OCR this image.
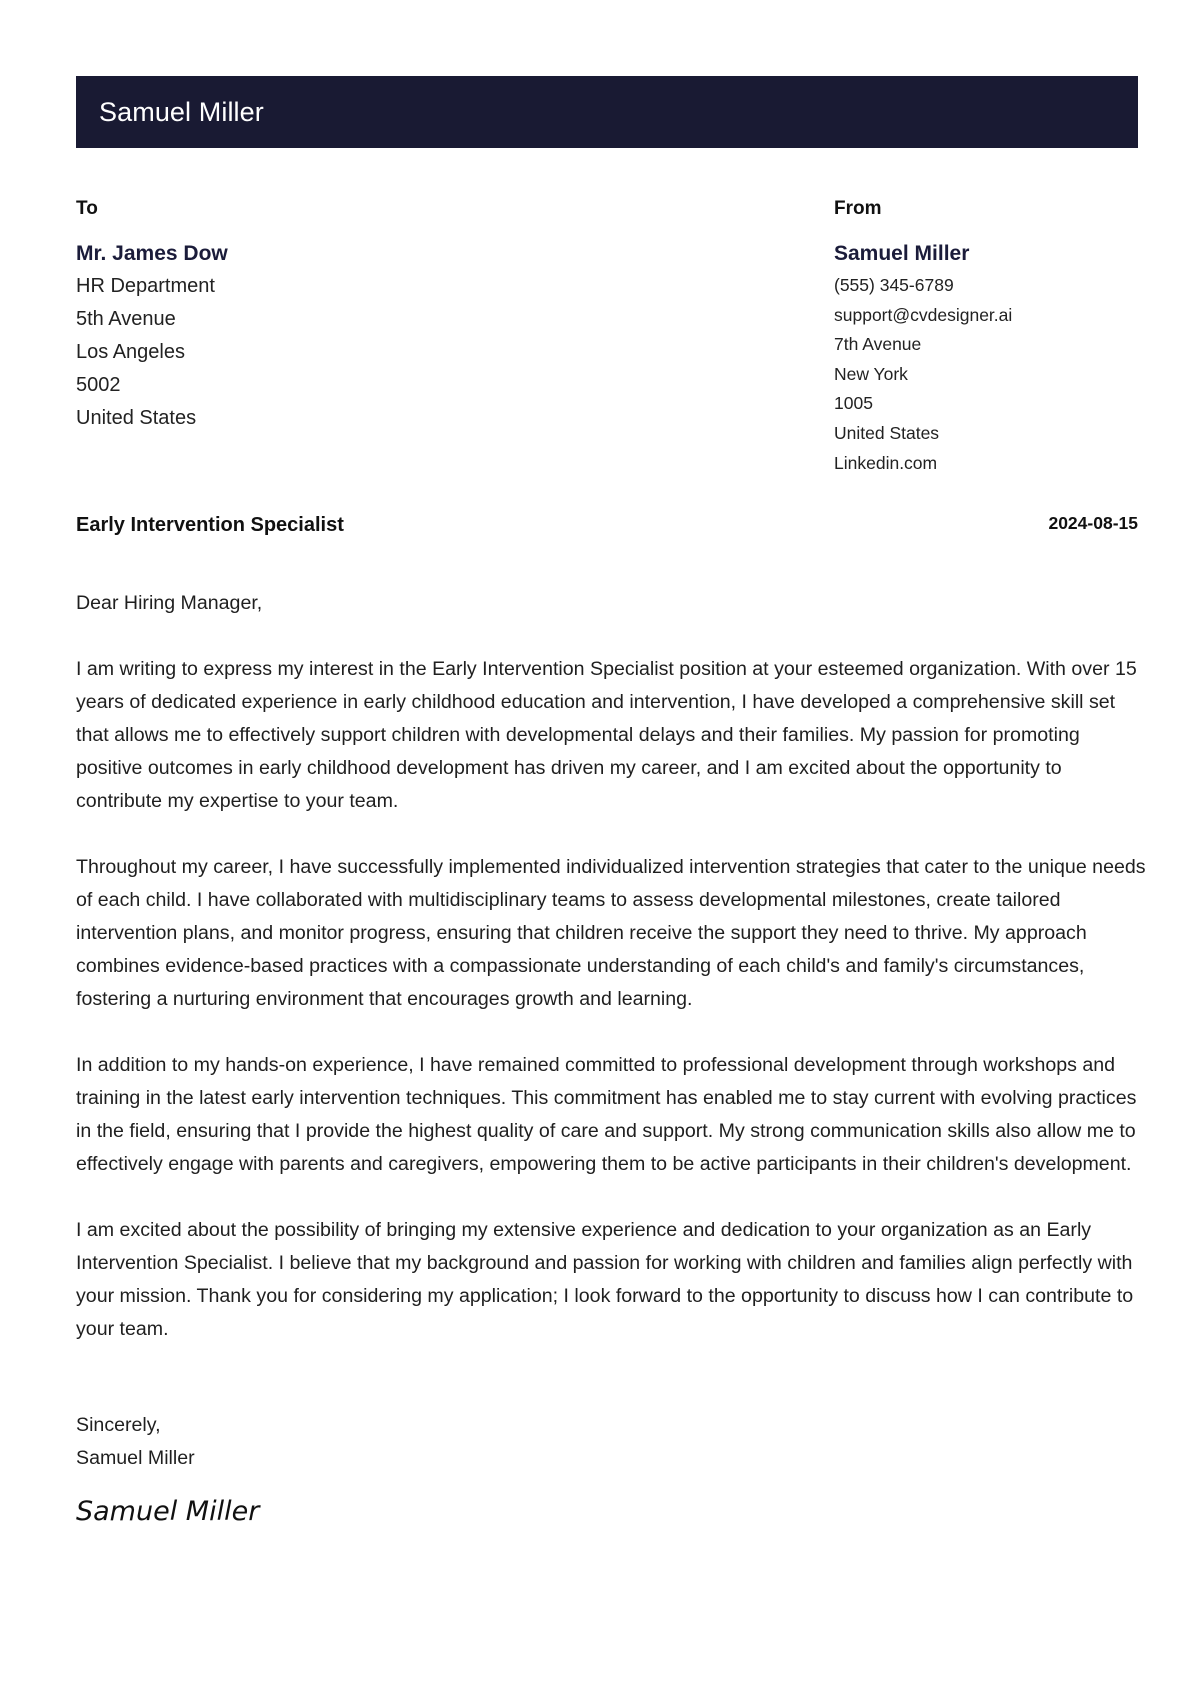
Samuel Miller
To
Mr. James Dow
HR Department
5th Avenue
Los Angeles
5002
United States
From
Samuel Miller
(555) 345-6789
support@cvdesigner.ai
7th Avenue
New York
1005
United States
Linkedin.com
Early Intervention Specialist	2024-08-15

Dear Hiring Manager,

I am writing to express my interest in the Early Intervention Specialist position at your esteemed organization. With over 15 years of dedicated experience in early childhood education and intervention, I have developed a comprehensive skill set that allows me to effectively support children with developmental delays and their families. My passion for promoting positive outcomes in early childhood development has driven my career, and I am excited about the opportunity to contribute my expertise to your team.

Throughout my career, I have successfully implemented individualized intervention strategies that cater to the unique needs of each child. I have collaborated with multidisciplinary teams to assess developmental milestones, create tailored intervention plans, and monitor progress, ensuring that children receive the support they need to thrive. My approach combines evidence-based practices with a compassionate understanding of each child's and family's circumstances, fostering a nurturing environment that encourages growth and learning.

In addition to my hands-on experience, I have remained committed to professional development through workshops and training in the latest early intervention techniques. This commitment has enabled me to stay current with evolving practices in the field, ensuring that I provide the highest quality of care and support. My strong communication skills also allow me to effectively engage with parents and caregivers, empowering them to be active participants in their children's development.

I am excited about the possibility of bringing my extensive experience and dedication to your organization as an Early Intervention Specialist. I believe that my background and passion for working with children and families align perfectly with your mission. Thank you for considering my application; I look forward to the opportunity to discuss how I can contribute to your team.

Sincerely,
Samuel Miller
Samuel Miller
